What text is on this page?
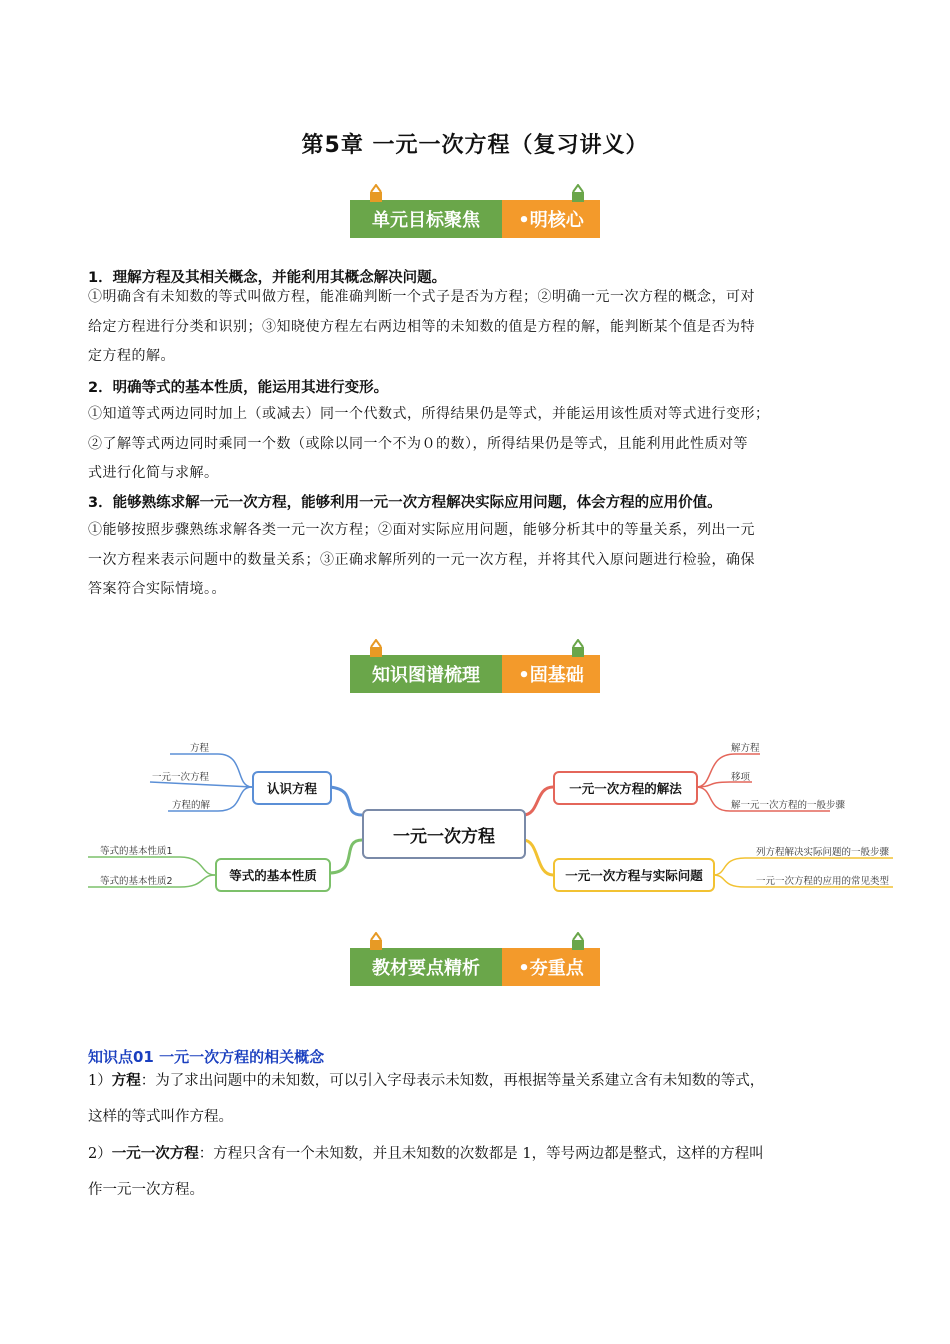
第5章 一元一次方程（复习讲义）
单元目标聚焦	•明核心
1．理解方程及其相关概念，并能利用其概念解决问题。
①明确含有未知数的等式叫做方程，能准确判断一个式子是否为方程；②明确一元一次方程的概念，可对
给定方程进行分类和识别；③知晓使方程左右两边相等的未知数的值是方程的解，能判断某个值是否为特
定方程的解。
2．明确等式的基本性质，能运用其进行变形。
①知道等式两边同时加上（或减去）同一个代数式，所得结果仍是等式，并能运用该性质对等式进行变形；
②了解等式两边同时乘同一个数（或除以同一个不为０的数），所得结果仍是等式，且能利用此性质对等
式进行化简与求解。
3．能够熟练求解一元一次方程，能够利用一元一次方程解决实际应用问题，体会方程的应用价值。
①能够按照步骤熟练求解各类一元一次方程；②面对实际应用问题，能够分析其中的等量关系，列出一元
一次方程来表示问题中的数量关系；③正确求解所列的一元一次方程，并将其代入原问题进行检验，确保
答案符合实际情境。。
知识图谱梳理	•固基础
一元一次方程
认识方程
等式的基本性质
一元一次方程的解法
一元一次方程与实际问题
方程
一元一次方程
方程的解
等式的基本性质1
等式的基本性质2
解方程
移项
解一元一次方程的一般步骤
列方程解决实际问题的一般步骤
一元一次方程的应用的常见类型
教材要点精析	•夯重点
知识点01 一元一次方程的相关概念
1）方程：为了求出问题中的未知数，可以引入字母表示未知数，再根据等量关系建立含有未知数的等式，
这样的等式叫作方程。
2）一元一次方程：方程只含有一个未知数，并且未知数的次数都是 1，等号两边都是整式，这样的方程叫
作一元一次方程。
